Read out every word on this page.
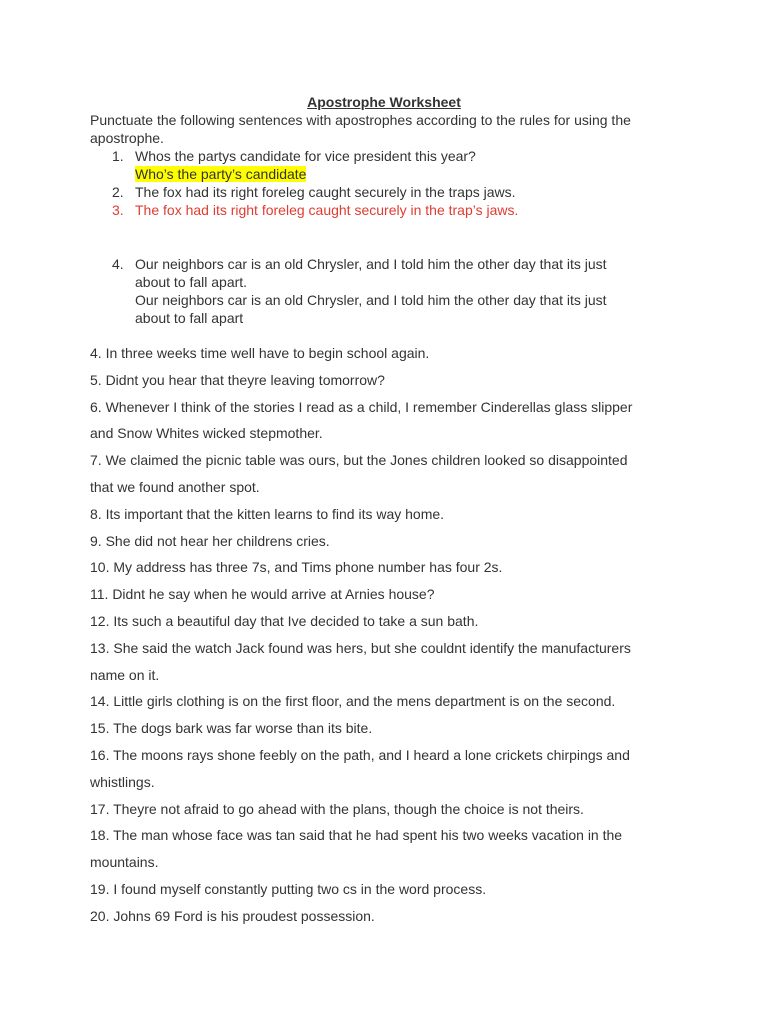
Apostrophe Worksheet
Punctuate the following sentences with apostrophes according to the rules for using the
apostrophe.
1. Whos the partys candidate for vice president this year?
Who’s the party’s candidate
2. The fox had its right foreleg caught securely in the traps jaws.
3. The fox had its right foreleg caught securely in the trap’s jaws.
4. Our neighbors car is an old Chrysler, and I told him the other day that its just
about to fall apart.
Our neighbors car is an old Chrysler, and I told him the other day that its just
about to fall apart
4. In three weeks time well have to begin school again.
5. Didnt you hear that theyre leaving tomorrow?
6. Whenever I think of the stories I read as a child, I remember Cinderellas glass slipper
and Snow Whites wicked stepmother.
7. We claimed the picnic table was ours, but the Jones children looked so disappointed
that we found another spot.
8. Its important that the kitten learns to find its way home.
9. She did not hear her childrens cries.
10. My address has three 7s, and Tims phone number has four 2s.
11. Didnt he say when he would arrive at Arnies house?
12. Its such a beautiful day that Ive decided to take a sun bath.
13. She said the watch Jack found was hers, but she couldnt identify the manufacturers
name on it.
14. Little girls clothing is on the first floor, and the mens department is on the second.
15. The dogs bark was far worse than its bite.
16. The moons rays shone feebly on the path, and I heard a lone crickets chirpings and
whistlings.
17. Theyre not afraid to go ahead with the plans, though the choice is not theirs.
18. The man whose face was tan said that he had spent his two weeks vacation in the
mountains.
19. I found myself constantly putting two cs in the word process.
20. Johns 69 Ford is his proudest possession.
